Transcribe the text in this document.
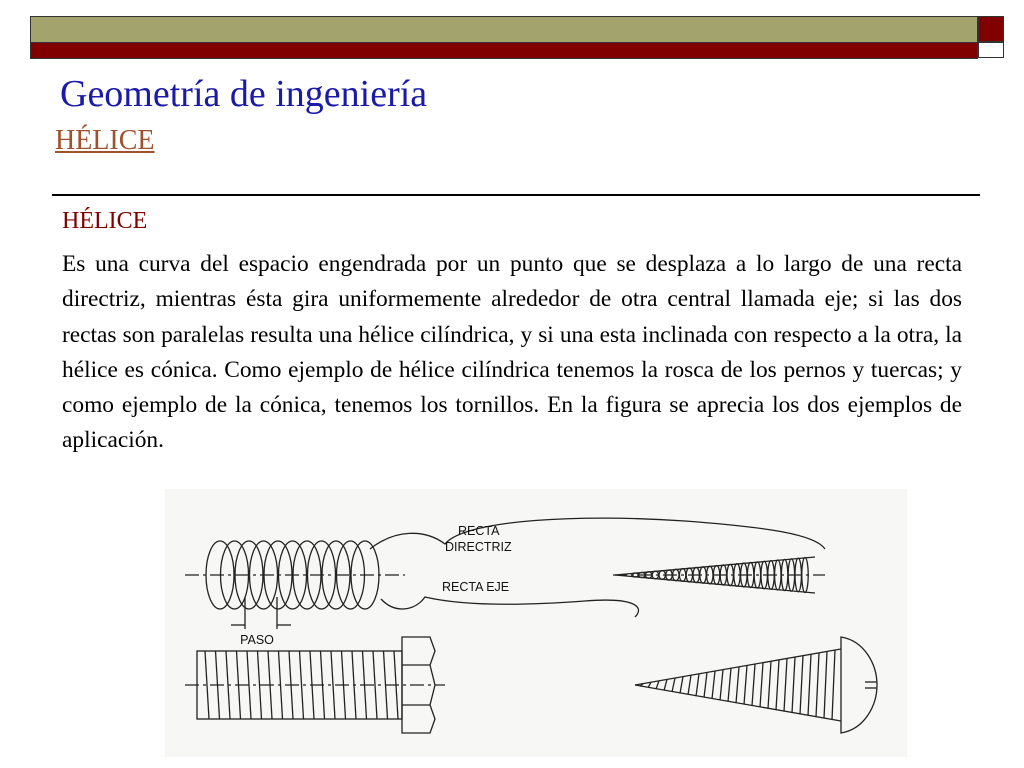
Geometría de ingeniería
HÉLICE
HÉLICE

Es una curva del espacio engendrada por un punto que se desplaza a lo largo de una recta directriz, mientras ésta gira uniformemente alrededor de otra central llamada eje; si las dos rectas son paralelas resulta una hélice cilíndrica, y si una esta inclinada con respecto a la otra, la hélice es cónica. Como ejemplo de hélice cilíndrica tenemos la rosca de los pernos y tuercas; y como ejemplo de la cónica, tenemos los tornillos. En la figura se aprecia los dos ejemplos de aplicación.

RECTA
DIRECTRIZ
RECTA EJE
PASO
